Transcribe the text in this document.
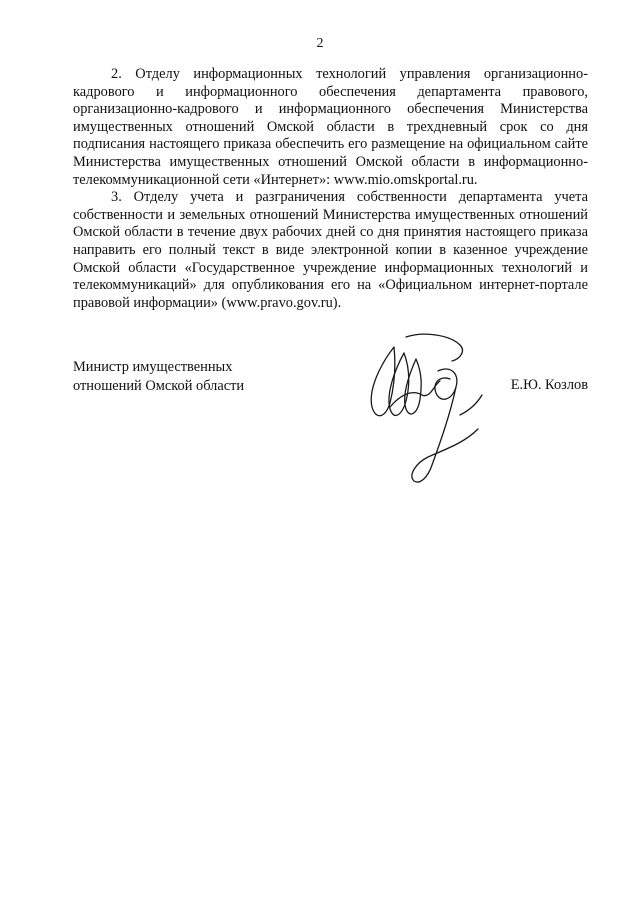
2

2. Отделу информационных технологий управления организационно-кадрового и информационного обеспечения департамента правового, организационно-кадрового и информационного обеспечения Министерства имущественных отношений Омской области в трехдневный срок со дня подписания настоящего приказа обеспечить его размещение на официальном сайте Министерства имущественных отношений Омской области в информационно-телекоммуникационной сети «Интернет»: www.mio.omskportal.ru.

3. Отделу учета и разграничения собственности департамента учета собственности и земельных отношений Министерства имущественных отношений Омской области в течение двух рабочих дней со дня принятия настоящего приказа направить его полный текст в виде электронной копии в казенное учреждение Омской области «Государственное учреждение информационных технологий и телекоммуникаций» для опубликования его на «Официальном интернет-портале правовой информации» (www.pravo.gov.ru).

Министр имущественных
отношений Омской области	Е.Ю. Козлов
